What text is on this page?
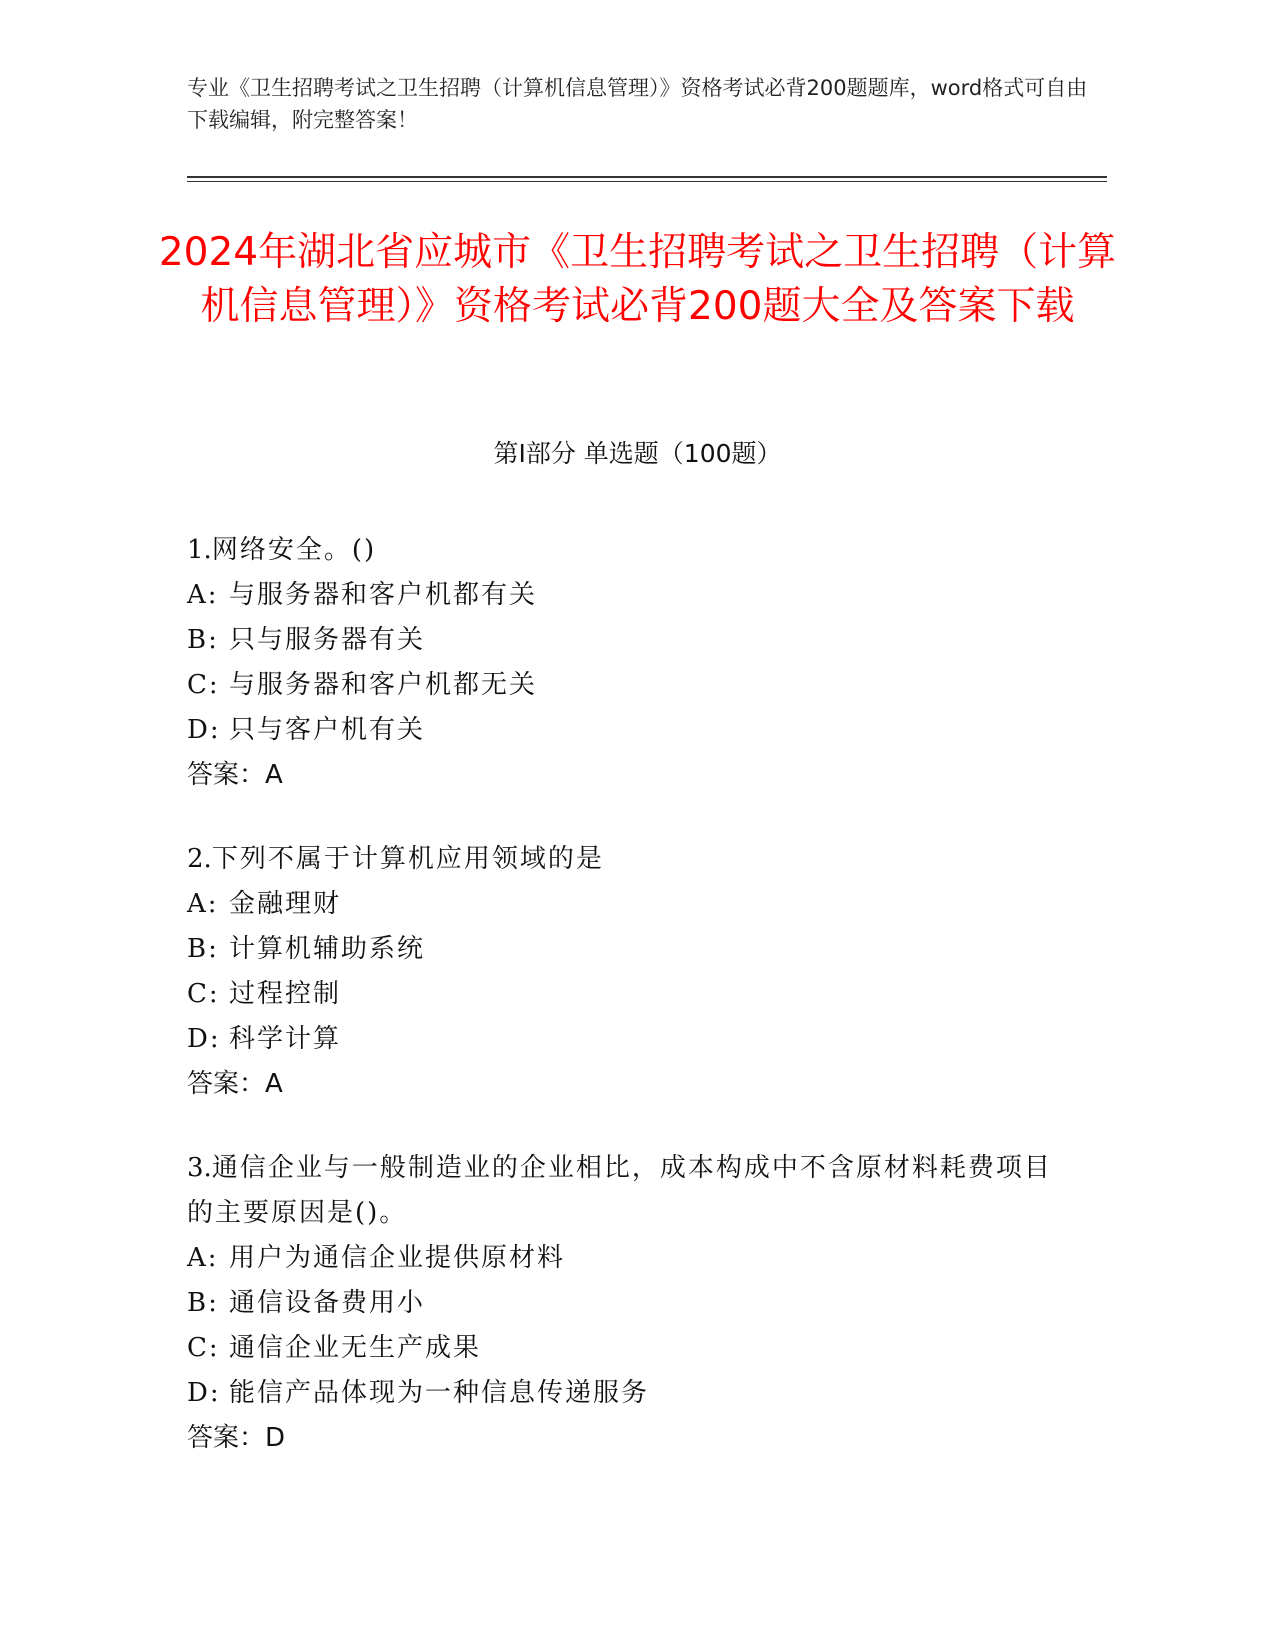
专业《卫生招聘考试之卫生招聘（计算机信息管理）》资格考试必背200题题库，word格式可自由下载编辑，附完整答案！
2024年湖北省应城市《卫生招聘考试之卫生招聘（计算机信息管理）》资格考试必背200题大全及答案下载
第Ⅰ部分 单选题（100题）
1.网络安全。()
A: 与服务器和客户机都有关
B: 只与服务器有关
C: 与服务器和客户机都无关
D: 只与客户机有关
答案：A
2.下列不属于计算机应用领域的是
A: 金融理财
B: 计算机辅助系统
C: 过程控制
D: 科学计算
答案：A
3.通信企业与一般制造业的企业相比，成本构成中不含原材料耗费项目的主要原因是()。
A: 用户为通信企业提供原材料
B: 通信设备费用小
C: 通信企业无生产成果
D: 能信产品体现为一种信息传递服务
答案：D
